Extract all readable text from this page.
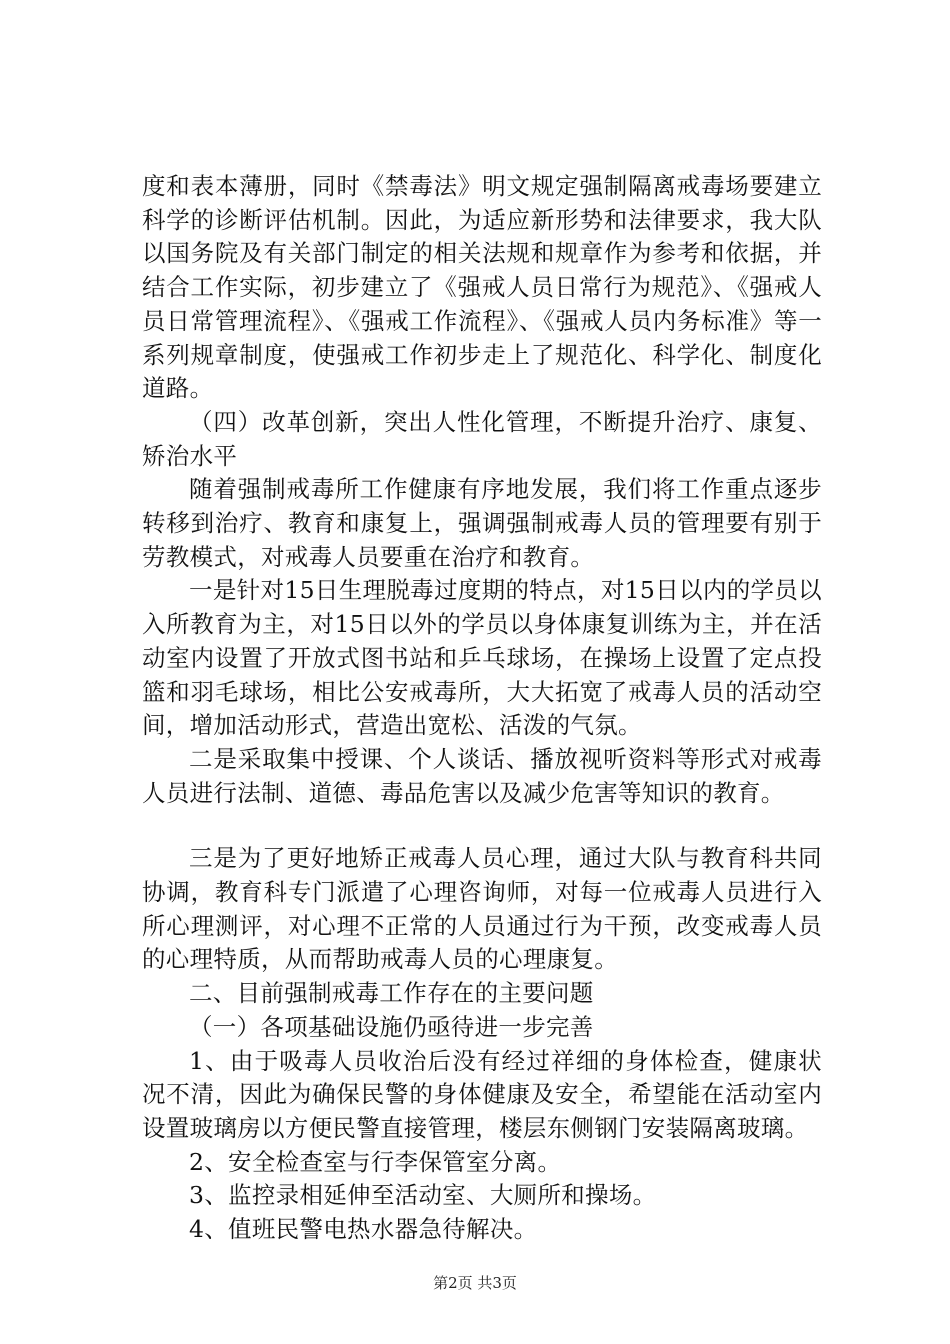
度和表本薄册，同时《禁毒法》明文规定强制隔离戒毒场要建立科学的诊断评估机制。因此，为适应新形势和法律要求，我大队以国务院及有关部门制定的相关法规和规章作为参考和依据，并结合工作实际，初步建立了《强戒人员日常行为规范》、《强戒人员日常管理流程》、《强戒工作流程》、《强戒人员内务标准》等一系列规章制度，使强戒工作初步走上了规范化、科学化、制度化道路。

（四）改革创新，突出人性化管理，不断提升治疗、康复、矫治水平

随着强制戒毒所工作健康有序地发展，我们将工作重点逐步转移到治疗、教育和康复上，强调强制戒毒人员的管理要有别于劳教模式，对戒毒人员要重在治疗和教育。

一是针对15日生理脱毒过度期的特点，对15日以内的学员以入所教育为主，对15日以外的学员以身体康复训练为主，并在活动室内设置了开放式图书站和乒乓球场，在操场上设置了定点投篮和羽毛球场，相比公安戒毒所，大大拓宽了戒毒人员的活动空间，增加活动形式，营造出宽松、活泼的气氛。

二是采取集中授课、个人谈话、播放视听资料等形式对戒毒人员进行法制、道德、毒品危害以及减少危害等知识的教育。

三是为了更好地矫正戒毒人员心理，通过大队与教育科共同协调，教育科专门派遣了心理咨询师，对每一位戒毒人员进行入所心理测评，对心理不正常的人员通过行为干预，改变戒毒人员的心理特质，从而帮助戒毒人员的心理康复。

二、目前强制戒毒工作存在的主要问题

（一）各项基础设施仍亟待进一步完善

1、由于吸毒人员收治后没有经过祥细的身体检查，健康状况不清，因此为确保民警的身体健康及安全，希望能在活动室内设置玻璃房以方便民警直接管理，楼层东侧钢门安装隔离玻璃。

2、安全检查室与行李保管室分离。

3、监控录相延伸至活动室、大厕所和操场。

4、值班民警电热水器急待解决。

第2页 共3页
